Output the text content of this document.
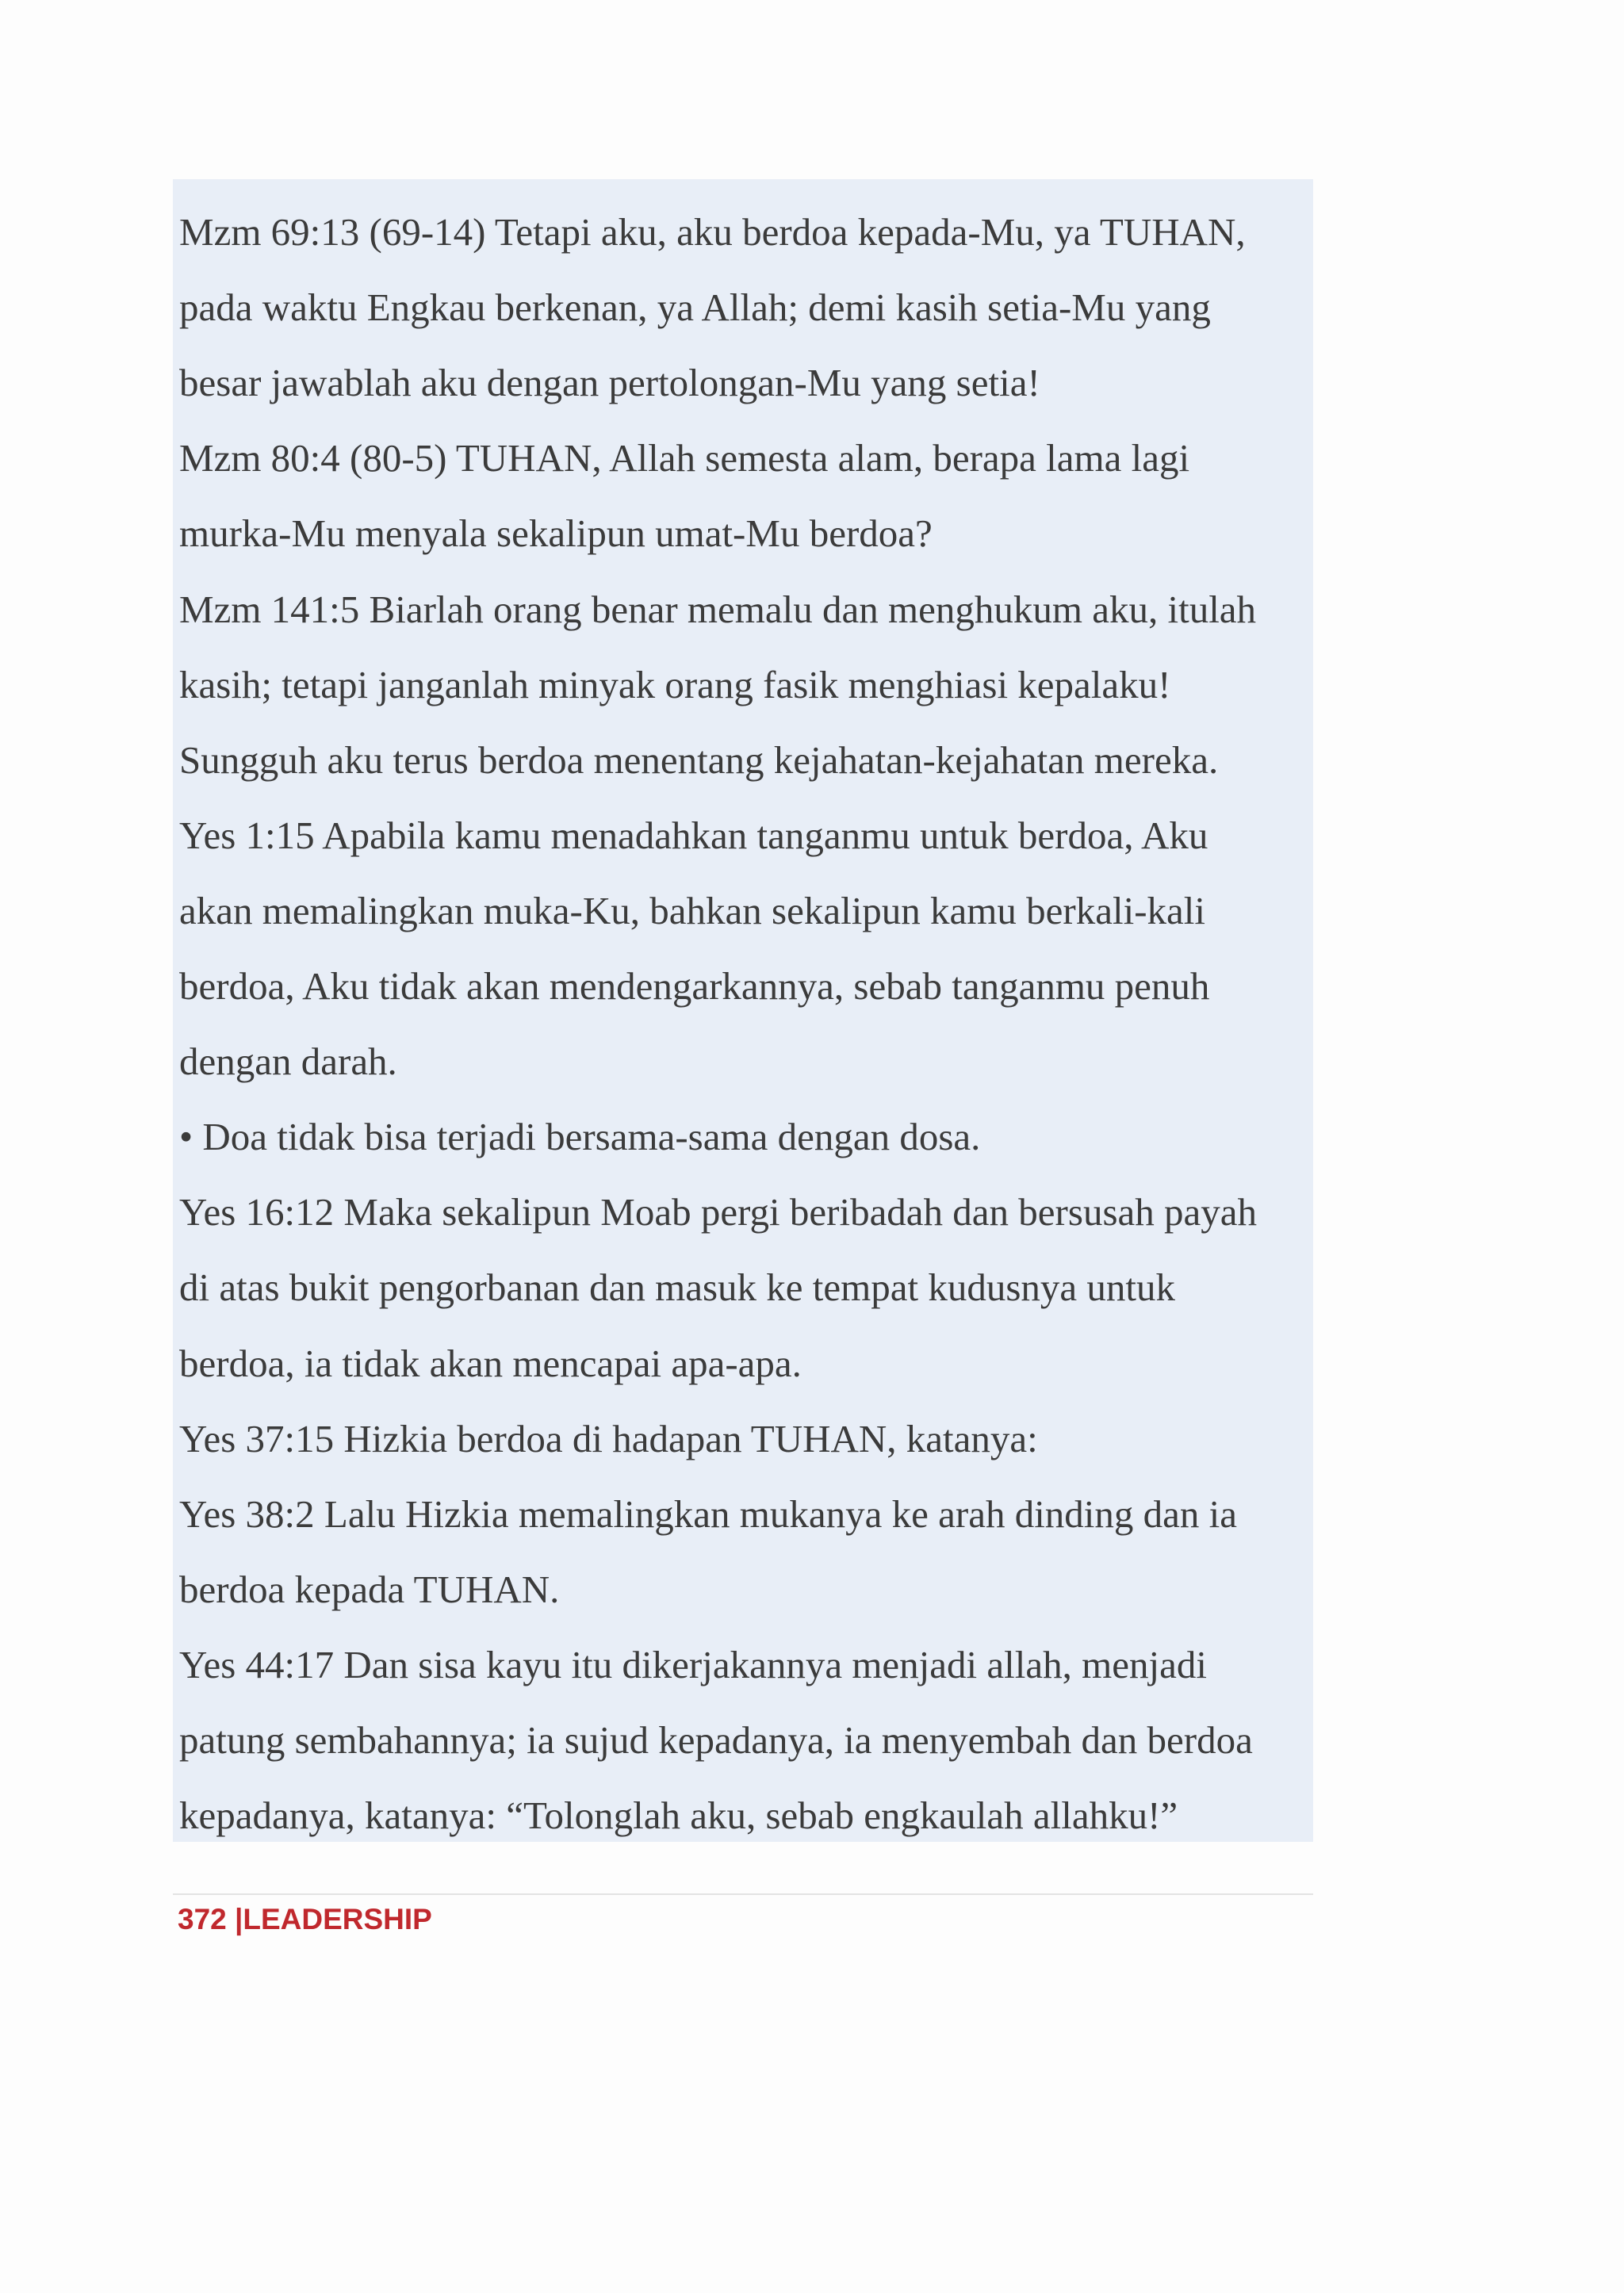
Mzm 69:13 (69-14) Tetapi aku, aku berdoa kepada-Mu, ya TUHAN,
pada waktu Engkau berkenan, ya Allah; demi kasih setia-Mu yang
besar jawablah aku dengan pertolongan-Mu yang setia!
Mzm 80:4 (80-5) TUHAN, Allah semesta alam, berapa lama lagi
murka-Mu menyala sekalipun umat-Mu berdoa?
Mzm 141:5 Biarlah orang benar memalu dan menghukum aku, itulah
kasih; tetapi janganlah minyak orang fasik menghiasi kepalaku!
Sungguh aku terus berdoa menentang kejahatan-kejahatan mereka.
Yes 1:15 Apabila kamu menadahkan tanganmu untuk berdoa, Aku
akan memalingkan muka-Ku, bahkan sekalipun kamu berkali-kali
berdoa, Aku tidak akan mendengarkannya, sebab tanganmu penuh
dengan darah.
• Doa tidak bisa terjadi bersama-sama dengan dosa.
Yes 16:12 Maka sekalipun Moab pergi beribadah dan bersusah payah
di atas bukit pengorbanan dan masuk ke tempat kudusnya untuk
berdoa, ia tidak akan mencapai apa-apa.
Yes 37:15 Hizkia berdoa di hadapan TUHAN, katanya:
Yes 38:2 Lalu Hizkia memalingkan mukanya ke arah dinding dan ia
berdoa kepada TUHAN.
Yes 44:17 Dan sisa kayu itu dikerjakannya menjadi allah, menjadi
patung sembahannya; ia sujud kepadanya, ia menyembah dan berdoa
kepadanya, katanya: “Tolonglah aku, sebab engkaulah allahku!”
372 |LEADERSHIP
